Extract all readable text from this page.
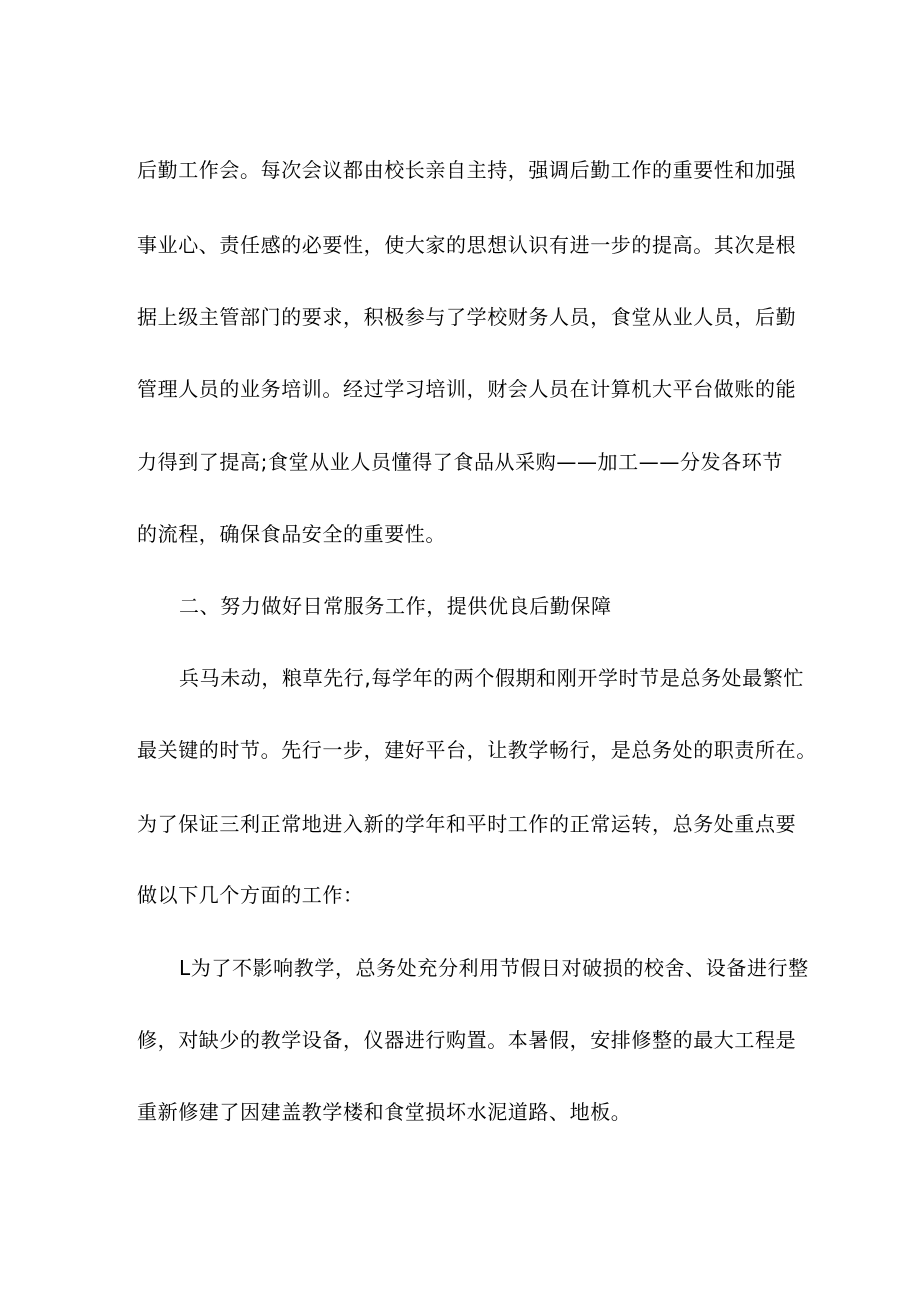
后勤工作会。每次会议都由校长亲自主持，强调后勤工作的重要性和加强
事业心、责任感的必要性，使大家的思想认识有进一步的提高。其次是根
据上级主管部门的要求，积极参与了学校财务人员，食堂从业人员，后勤
管理人员的业务培训。经过学习培训，财会人员在计算机大平台做账的能
力得到了提高;食堂从业人员懂得了食品从采购——加工——分发各环节
的流程，确保食品安全的重要性。
二、努力做好日常服务工作，提供优良后勤保障
兵马未动，粮草先行,每学年的两个假期和刚开学时节是总务处最繁忙
最关键的时节。先行一步，建好平台，让教学畅行，是总务处的职责所在。
为了保证三利正常地进入新的学年和平时工作的正常运转，总务处重点要
做以下几个方面的工作：
L为了不影响教学，总务处充分利用节假日对破损的校舍、设备进行整
修，对缺少的教学设备，仪器进行购置。本暑假，安排修整的最大工程是
重新修建了因建盖教学楼和食堂损坏水泥道路、地板。
